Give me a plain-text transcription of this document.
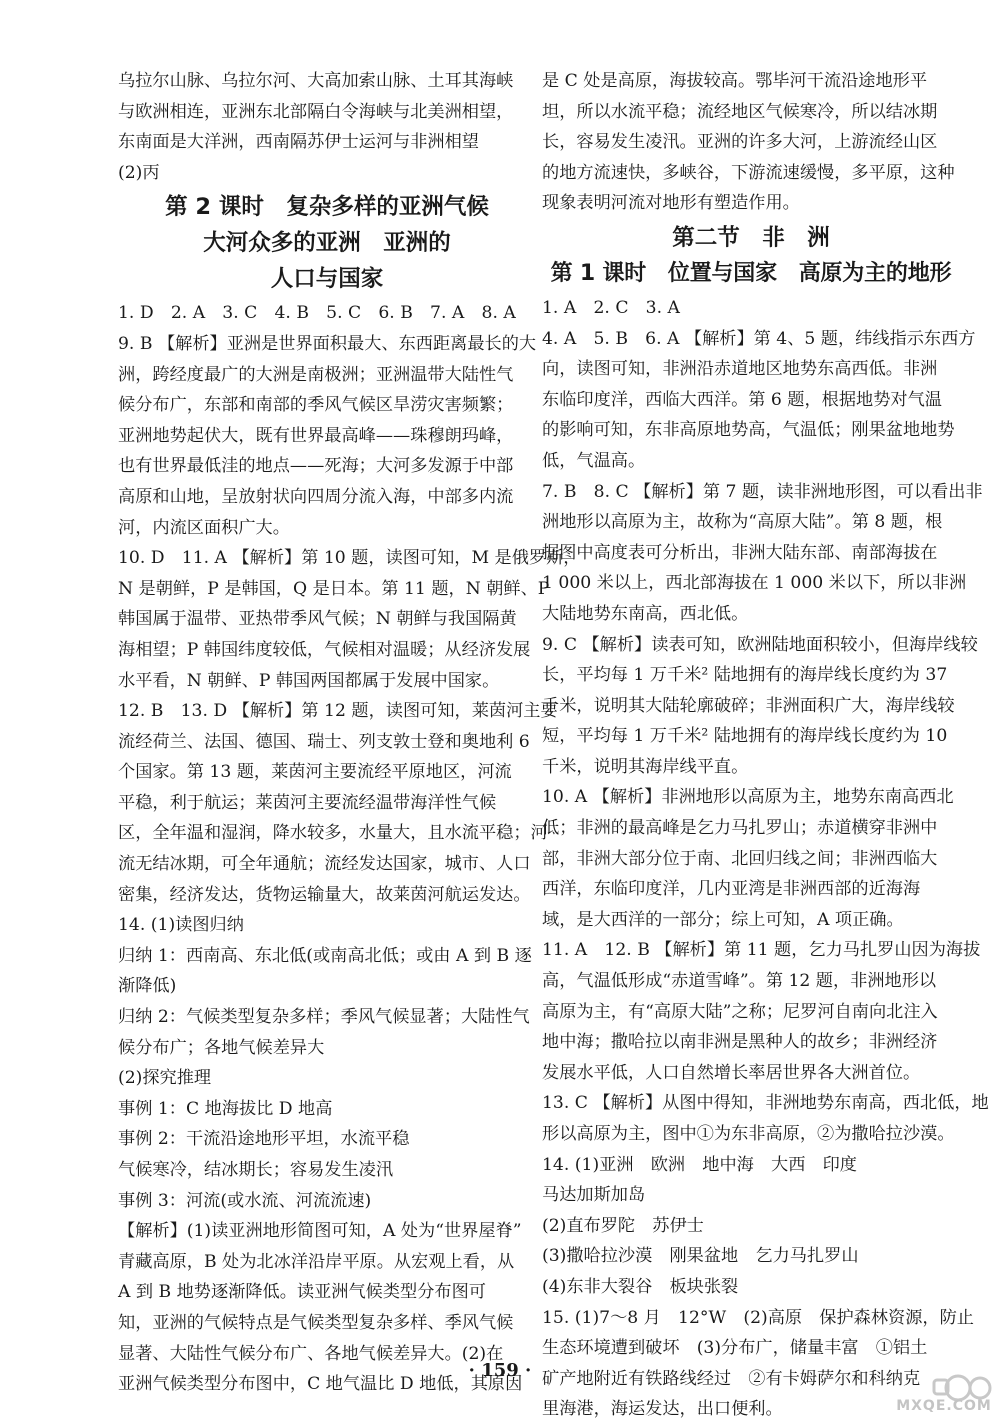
乌拉尔山脉、乌拉尔河、大高加索山脉、土耳其海峡
与欧洲相连，亚洲东北部隔白令海峡与北美洲相望，
东南面是大洋洲，西南隔苏伊士运河与非洲相望
(2)丙
第 2 课时　复杂多样的亚洲气候
大河众多的亚洲　亚洲的
人口与国家
1. D　2. A　3. C　4. B　5. C　6. B　7. A　8. A
9. B 【解析】亚洲是世界面积最大、东西距离最长的大
洲，跨经度最广的大洲是南极洲；亚洲温带大陆性气
候分布广，东部和南部的季风气候区旱涝灾害频繁；
亚洲地势起伏大，既有世界最高峰——珠穆朗玛峰，
也有世界最低洼的地点——死海；大河多发源于中部
高原和山地，呈放射状向四周分流入海，中部多内流
河，内流区面积广大。
10. D　11. A 【解析】第 10 题，读图可知，M 是俄罗斯，
N 是朝鲜，P 是韩国，Q 是日本。第 11 题，N 朝鲜、P
韩国属于温带、亚热带季风气候；N 朝鲜与我国隔黄
海相望；P 韩国纬度较低，气候相对温暖；从经济发展
水平看，N 朝鲜、P 韩国两国都属于发展中国家。
12. B　13. D 【解析】第 12 题，读图可知，莱茵河主要
流经荷兰、法国、德国、瑞士、列支敦士登和奥地利 6
个国家。第 13 题，莱茵河主要流经平原地区，河流
平稳，利于航运；莱茵河主要流经温带海洋性气候
区，全年温和湿润，降水较多，水量大，且水流平稳；河
流无结冰期，可全年通航；流经发达国家，城市、人口
密集，经济发达，货物运输量大，故莱茵河航运发达。
14. (1)读图归纳
归纳 1：西南高、东北低(或南高北低；或由 A 到 B 逐
渐降低)
归纳 2：气候类型复杂多样；季风气候显著；大陆性气
候分布广；各地气候差异大
(2)探究推理
事例 1：C 地海拔比 D 地高
事例 2：干流沿途地形平坦，水流平稳
气候寒冷，结冰期长；容易发生凌汛
事例 3：河流(或水流、河流流速)
【解析】(1)读亚洲地形简图可知，A 处为“世界屋脊”
青藏高原，B 处为北冰洋沿岸平原。从宏观上看，从
A 到 B 地势逐渐降低。读亚洲气候类型分布图可
知，亚洲的气候特点是气候类型复杂多样、季风气候
显著、大陆性气候分布广、各地气候差异大。(2)在
亚洲气候类型分布图中，C 地气温比 D 地低，其原因
是 C 处是高原，海拔较高。鄂毕河干流沿途地形平
坦，所以水流平稳；流经地区气候寒冷，所以结冰期
长，容易发生凌汛。亚洲的许多大河，上游流经山区
的地方流速快，多峡谷，下游流速缓慢，多平原，这种
现象表明河流对地形有塑造作用。
第二节　非　洲
第 1 课时　位置与国家　高原为主的地形
1. A　2. C　3. A
4. A　5. B　6. A 【解析】第 4、5 题，纬线指示东西方
向，读图可知，非洲沿赤道地区地势东高西低。非洲
东临印度洋，西临大西洋。第 6 题，根据地势对气温
的影响可知，东非高原地势高，气温低；刚果盆地地势
低，气温高。
7. B　8. C 【解析】第 7 题，读非洲地形图，可以看出非
洲地形以高原为主，故称为“高原大陆”。第 8 题，根
据图中高度表可分析出，非洲大陆东部、南部海拔在
1 000 米以上，西北部海拔在 1 000 米以下，所以非洲
大陆地势东南高，西北低。
9. C 【解析】读表可知，欧洲陆地面积较小，但海岸线较
长，平均每 1 万千米² 陆地拥有的海岸线长度约为 37
千米，说明其大陆轮廓破碎；非洲面积广大，海岸线较
短，平均每 1 万千米² 陆地拥有的海岸线长度约为 10
千米，说明其海岸线平直。
10. A 【解析】非洲地形以高原为主，地势东南高西北
低；非洲的最高峰是乞力马扎罗山；赤道横穿非洲中
部，非洲大部分位于南、北回归线之间；非洲西临大
西洋，东临印度洋，几内亚湾是非洲西部的近海海
域，是大西洋的一部分；综上可知，A 项正确。
11. A　12. B 【解析】第 11 题，乞力马扎罗山因为海拔
高，气温低形成“赤道雪峰”。第 12 题，非洲地形以
高原为主，有“高原大陆”之称；尼罗河自南向北注入
地中海；撒哈拉以南非洲是黑种人的故乡；非洲经济
发展水平低，人口自然增长率居世界各大洲首位。
13. C 【解析】从图中得知，非洲地势东南高，西北低，地
形以高原为主，图中①为东非高原，②为撒哈拉沙漠。
14. (1)亚洲　欧洲　地中海　大西　印度
马达加斯加岛
(2)直布罗陀　苏伊士
(3)撒哈拉沙漠　刚果盆地　乞力马扎罗山
(4)东非大裂谷　板块张裂
15. (1)7～8 月　12°W　(2)高原　保护森林资源，防止
生态环境遭到破坏　(3)分布广，储量丰富　①铝土
矿产地附近有铁路线经过　②有卡姆萨尔和科纳克
里海港，海运发达，出口便利。
· 159 ·
MXQE.COM
